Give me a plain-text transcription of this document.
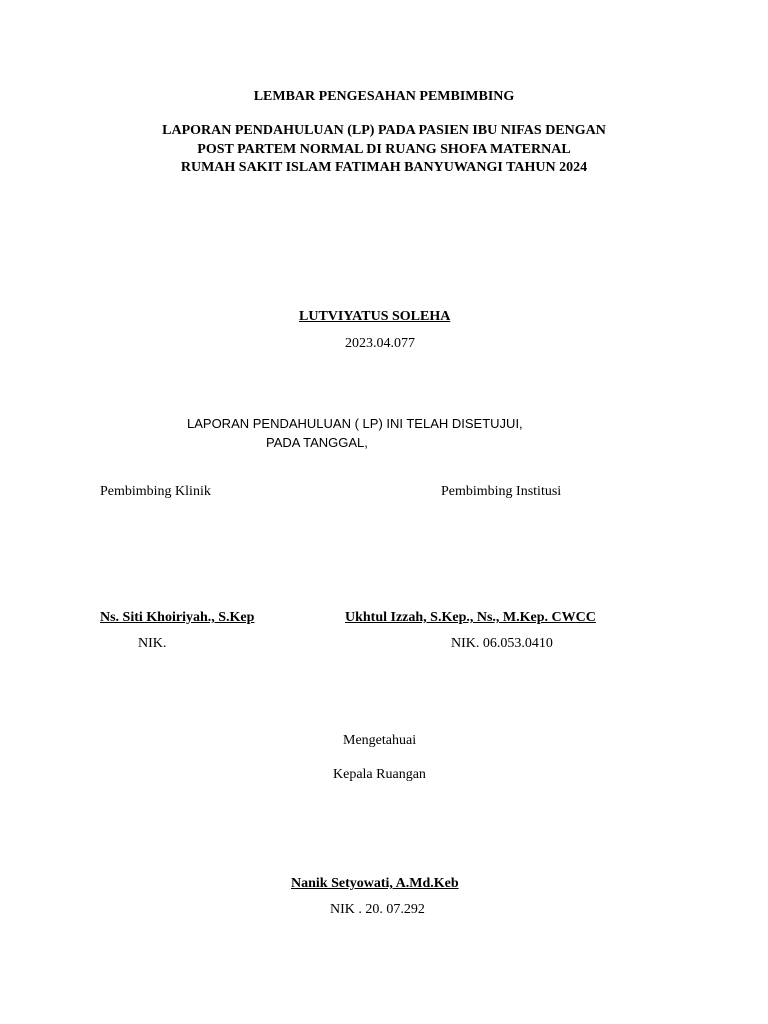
LEMBAR PENGESAHAN PEMBIMBING
LAPORAN PENDAHULUAN (LP) PADA PASIEN IBU NIFAS DENGAN
POST PARTEM NORMAL DI RUANG SHOFA MATERNAL
RUMAH SAKIT ISLAM FATIMAH BANYUWANGI TAHUN 2024
LUTVIYATUS SOLEHA
2023.04.077
LAPORAN PENDAHULUAN ( LP) INI TELAH DISETUJUI,
PADA TANGGAL,
Pembimbing Klinik	Pembimbing Institusi
Ns. Siti Khoiriyah., S.Kep	Ukhtul Izzah, S.Kep., Ns., M.Kep. CWCC
NIK.	NIK. 06.053.0410
Mengetahuai
Kepala Ruangan
Nanik Setyowati, A.Md.Keb
NIK . 20. 07.292
